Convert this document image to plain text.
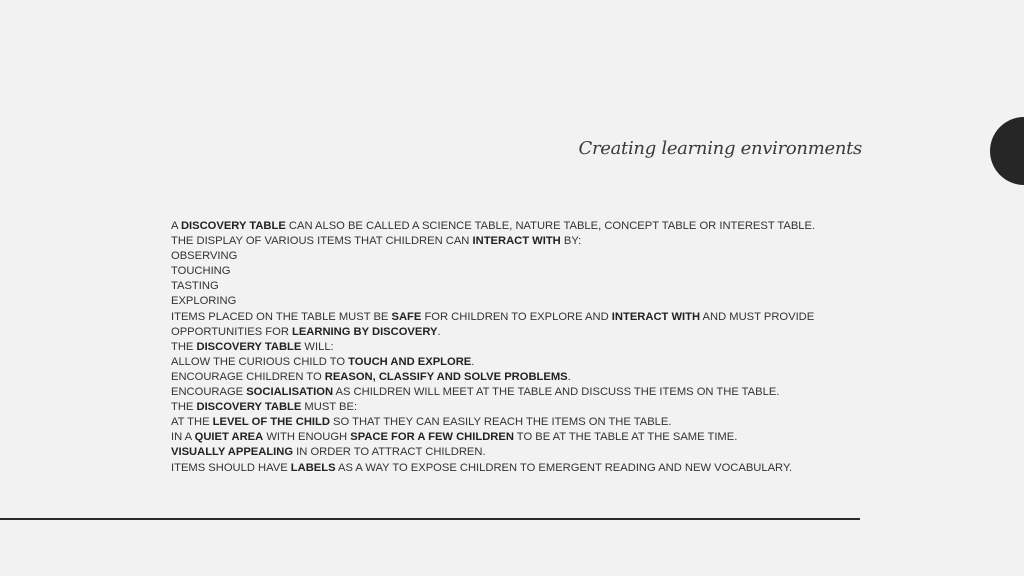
Creating learning environments
A DISCOVERY TABLE CAN ALSO BE CALLED A SCIENCE TABLE, NATURE TABLE, CONCEPT TABLE OR INTEREST TABLE.
THE DISPLAY OF VARIOUS ITEMS THAT CHILDREN CAN INTERACT WITH BY:
OBSERVING
TOUCHING
TASTING
EXPLORING
ITEMS PLACED ON THE TABLE MUST BE SAFE FOR CHILDREN TO EXPLORE AND INTERACT WITH AND MUST PROVIDE OPPORTUNITIES FOR LEARNING BY DISCOVERY.
THE DISCOVERY TABLE WILL:
ALLOW THE CURIOUS CHILD TO TOUCH AND EXPLORE.
ENCOURAGE CHILDREN TO REASON, CLASSIFY AND SOLVE PROBLEMS.
ENCOURAGE SOCIALISATION AS CHILDREN WILL MEET AT THE TABLE AND DISCUSS THE ITEMS ON THE TABLE.
THE DISCOVERY TABLE MUST BE:
AT THE LEVEL OF THE CHILD SO THAT THEY CAN EASILY REACH THE ITEMS ON THE TABLE.
IN A QUIET AREA WITH ENOUGH SPACE FOR A FEW CHILDREN TO BE AT THE TABLE AT THE SAME TIME.
VISUALLY APPEALING IN ORDER TO ATTRACT CHILDREN.
ITEMS SHOULD HAVE LABELS AS A WAY TO EXPOSE CHILDREN TO EMERGENT READING AND NEW VOCABULARY.
